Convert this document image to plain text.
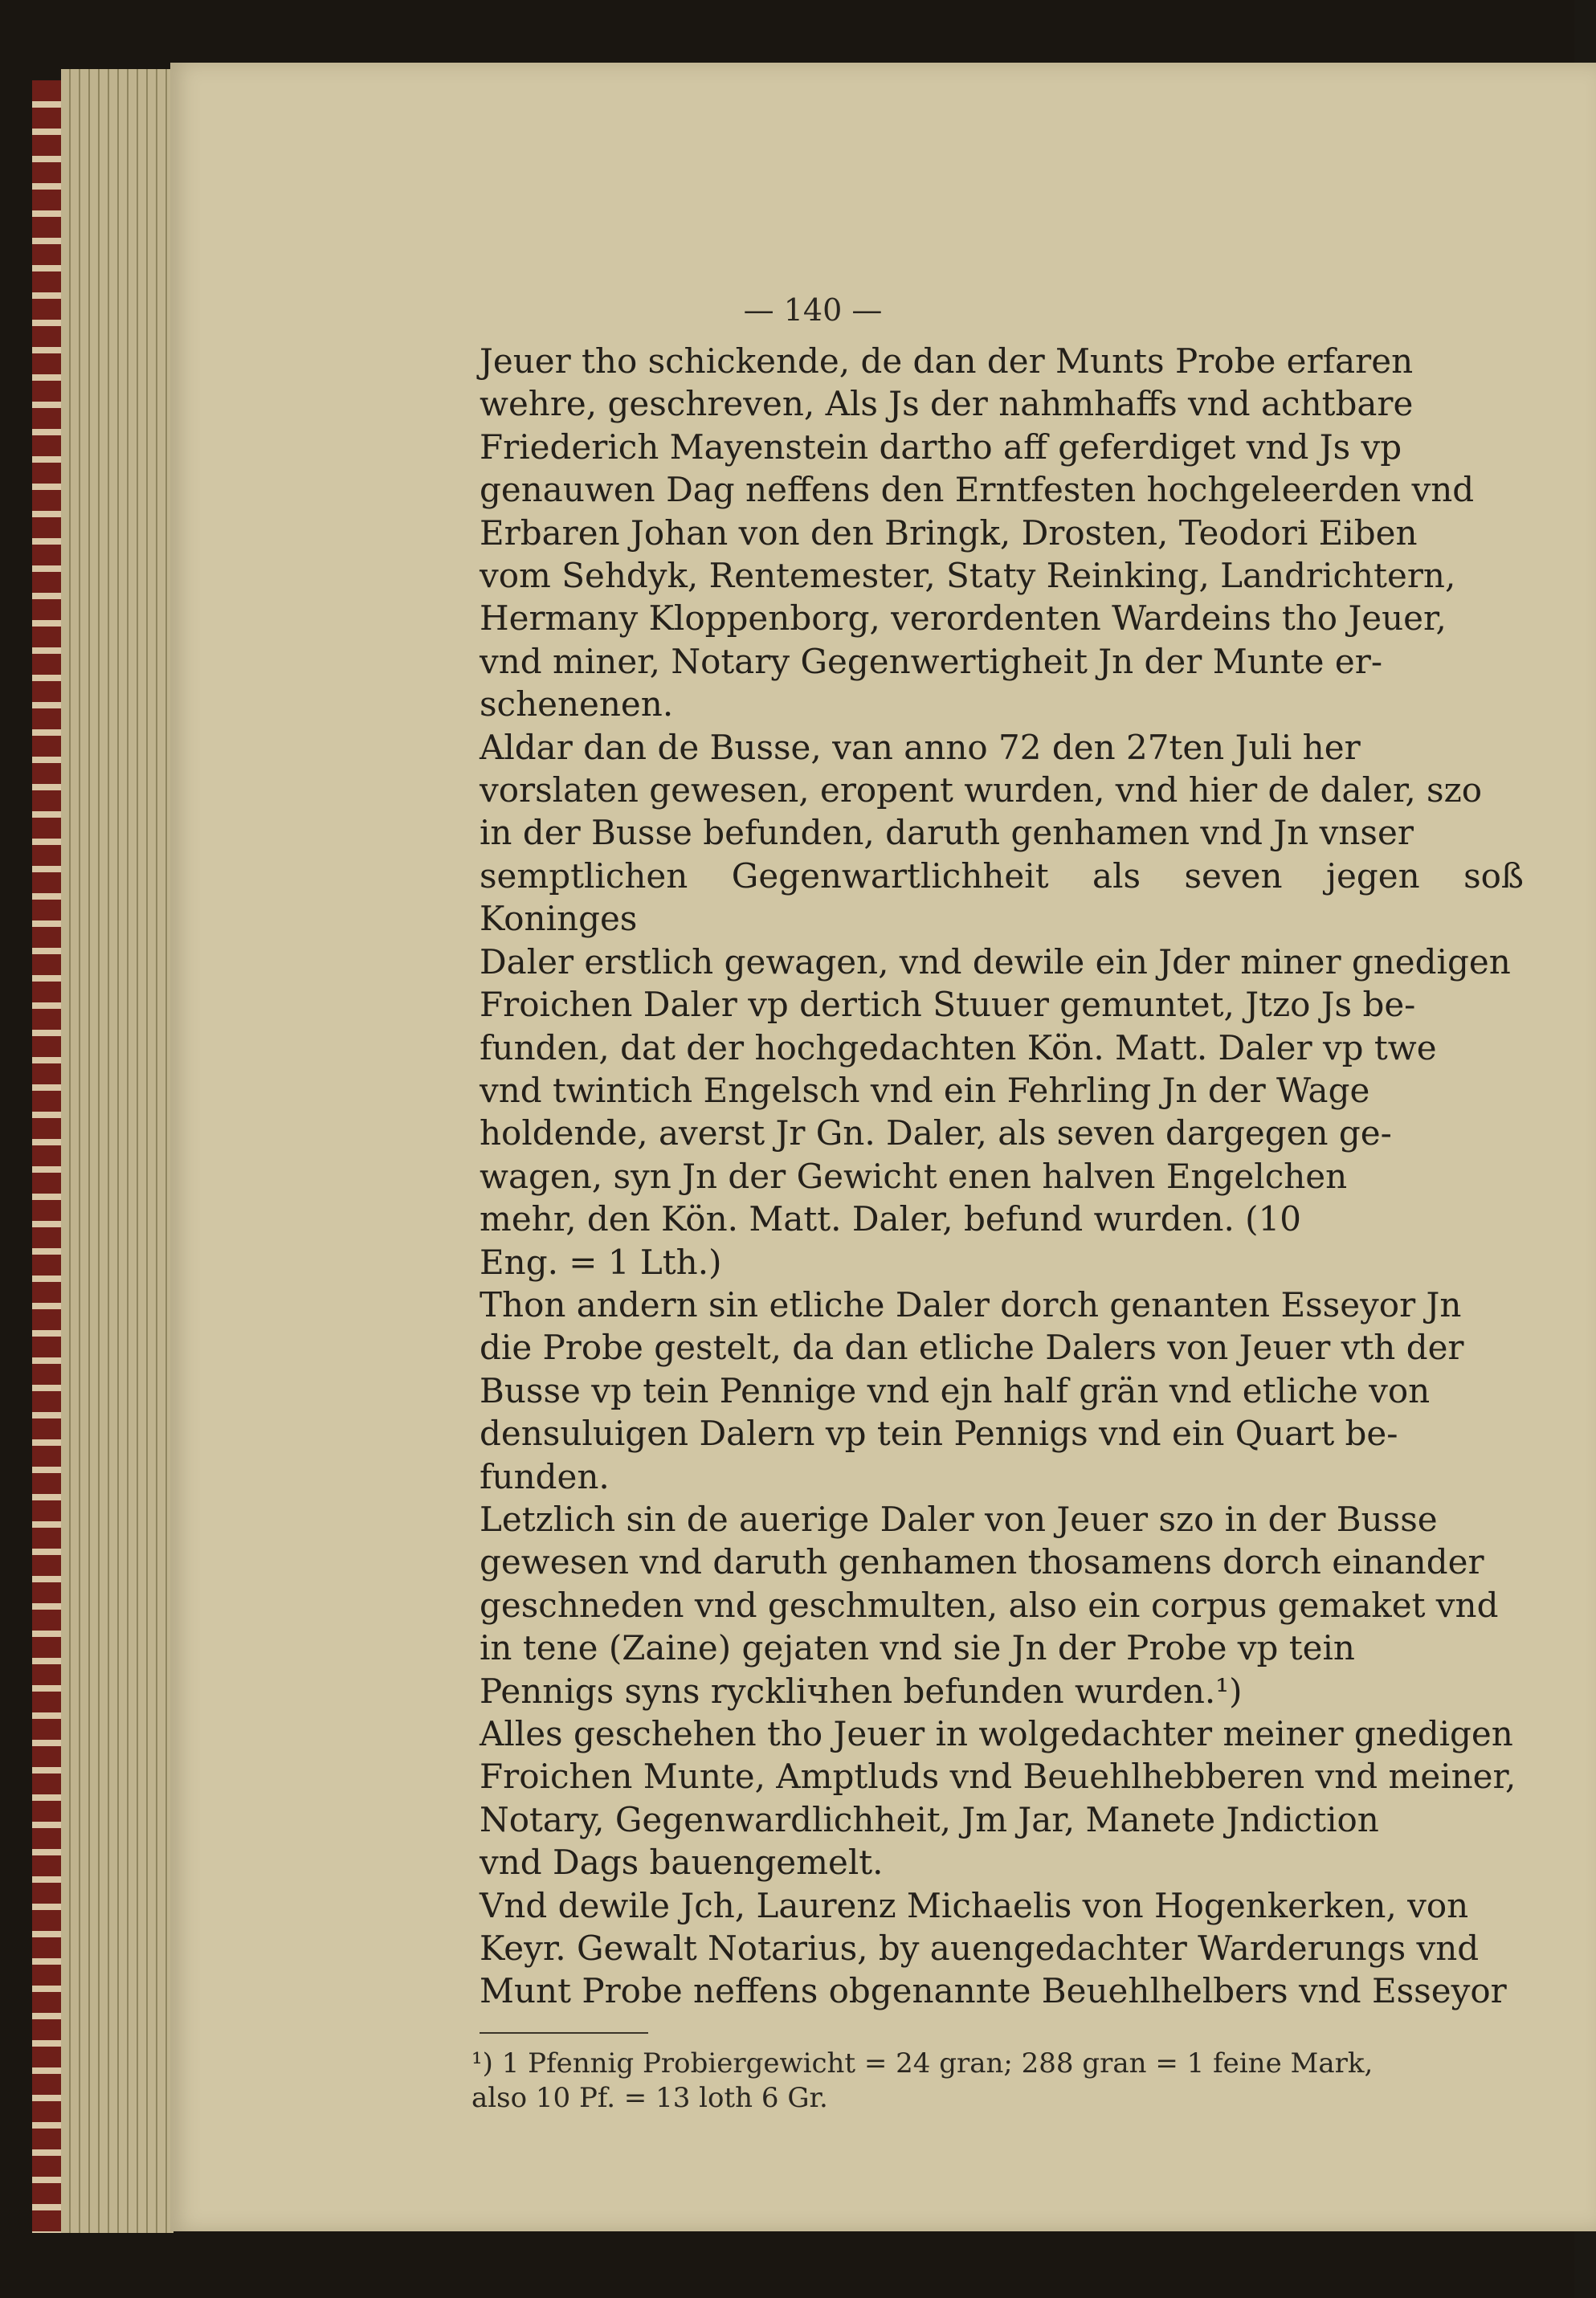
— 140 —

Jeuer tho schickende, de dan der Munts Probe erfaren
wehre, geschreven, Als Js der nahmhaffs vnd achtbare
Friederich Mayenstein dartho aff geferdiget vnd Js vp
genauwen Dag neffens den Erntfesten hochgeleerden vnd
Erbaren Johan von den Bringk, Drosten, Teodori Eiben
vom Sehdyk, Rentemester, Staty Reinking, Landrichtern,
Hermany Kloppenborg, verordenten Wardeins tho Jeuer,
vnd miner, Notary Gegenwertigheit Jn der Munte er-
schenenen.

Aldar dan de Busse, van anno 72 den 27ten Juli her
vorslaten gewesen, eropent wurden, vnd hier de daler, szo
in der Busse befunden, daruth genhamen vnd Jn vnser
semptlichen Gegenwartlichheit als seven jegen soß Koninges
Daler erstlich gewagen, vnd dewile ein Jder miner gnedigen
Froichen Daler vp dertich Stuuer gemuntet, Jtzo Js be-
funden, dat der hochgedachten Kön. Matt. Daler vp twe
vnd twintich Engelsch vnd ein Fehrling Jn der Wage
holdende, averst Jr Gn. Daler, als seven dargegen ge-
wagen, syn Jn der Gewicht enen halven Engelchen
mehr, den Kön. Matt. Daler, befund wurden. (10
Eng. = 1 Lth.)

Thon andern sin etliche Daler dorch genanten Esseyor Jn
die Probe gestelt, da dan etliche Dalers von Jeuer vth der
Busse vp tein Pennige vnd ejn half grän vnd etliche von
densuluigen Dalern vp tein Pennigs vnd ein Quart be-
funden.

Letzlich sin de auerige Daler von Jeuer szo in der Busse
gewesen vnd daruth genhamen thosamens dorch einander
geschneden vnd geschmulten, also ein corpus gemaket vnd
in tene (Zaine) gejaten vnd sie Jn der Probe vp tein
Pennigs syns ryckliчhen befunden wurden.¹)

Alles geschehen tho Jeuer in wolgedachter meiner gnedigen
Froichen Munte, Amptluds vnd Beuehlhebberen vnd meiner,
Notary, Gegenwardlichheit, Jm Jar, Manete Jndiction
vnd Dags bauengemelt.

Vnd dewile Jch, Laurenz Michaelis von Hogenkerken, von
Keyr. Gewalt Notarius, by auengedachter Warderungs vnd
Munt Probe neffens obgenannte Beuehlhelbers vnd Esseyor

¹) 1 Pfennig Probiergewicht = 24 gran; 288 gran = 1 feine Mark,
also 10 Pf. = 13 loth 6 Gr.
